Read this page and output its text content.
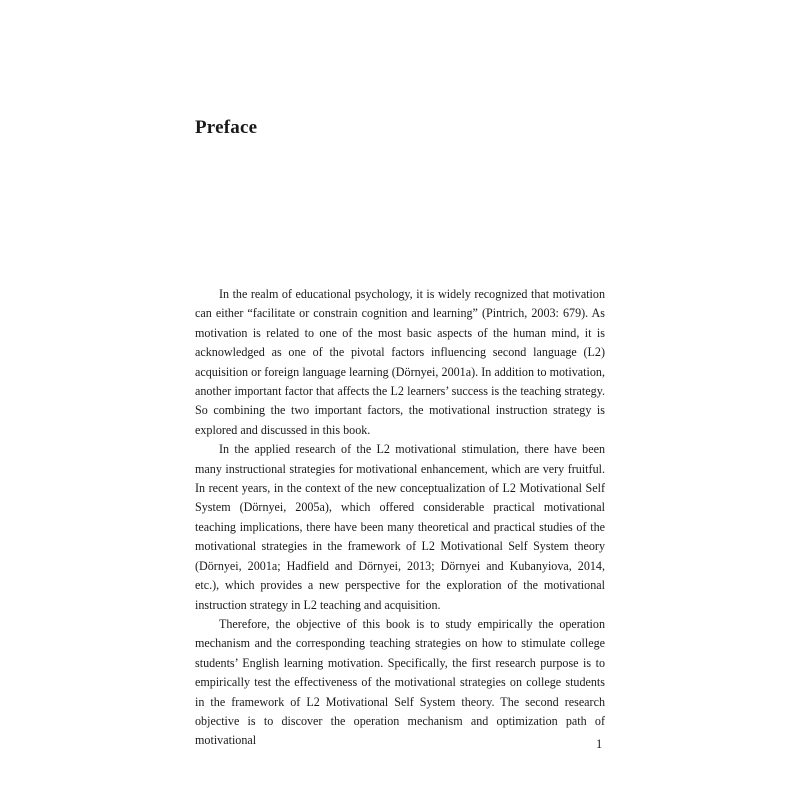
Preface

In the realm of educational psychology, it is widely recognized that motivation can either “facilitate or constrain cognition and learning” (Pintrich, 2003: 679). As motivation is related to one of the most basic aspects of the human mind, it is acknowledged as one of the pivotal factors influencing second language (L2) acquisition or foreign language learning (Dörnyei, 2001a). In addition to motivation, another important factor that affects the L2 learners’ success is the teaching strategy. So combining the two important factors, the motivational instruction strategy is explored and discussed in this book.

In the applied research of the L2 motivational stimulation, there have been many instructional strategies for motivational enhancement, which are very fruitful. In recent years, in the context of the new conceptualization of L2 Motivational Self System (Dörnyei, 2005a), which offered considerable practical motivational teaching implications, there have been many theoretical and practical studies of the motivational strategies in the framework of L2 Motivational Self System theory (Dörnyei, 2001a; Hadfield and Dörnyei, 2013; Dörnyei and Kubanyiova, 2014, etc.), which provides a new perspective for the exploration of the motivational instruction strategy in L2 teaching and acquisition.

Therefore, the objective of this book is to study empirically the operation mechanism and the corresponding teaching strategies on how to stimulate college students’ English learning motivation. Specifically, the first research purpose is to empirically test the effectiveness of the motivational strategies on college students in the framework of L2 Motivational Self System theory. The second research objective is to discover the operation mechanism and optimization path of motivational	1
